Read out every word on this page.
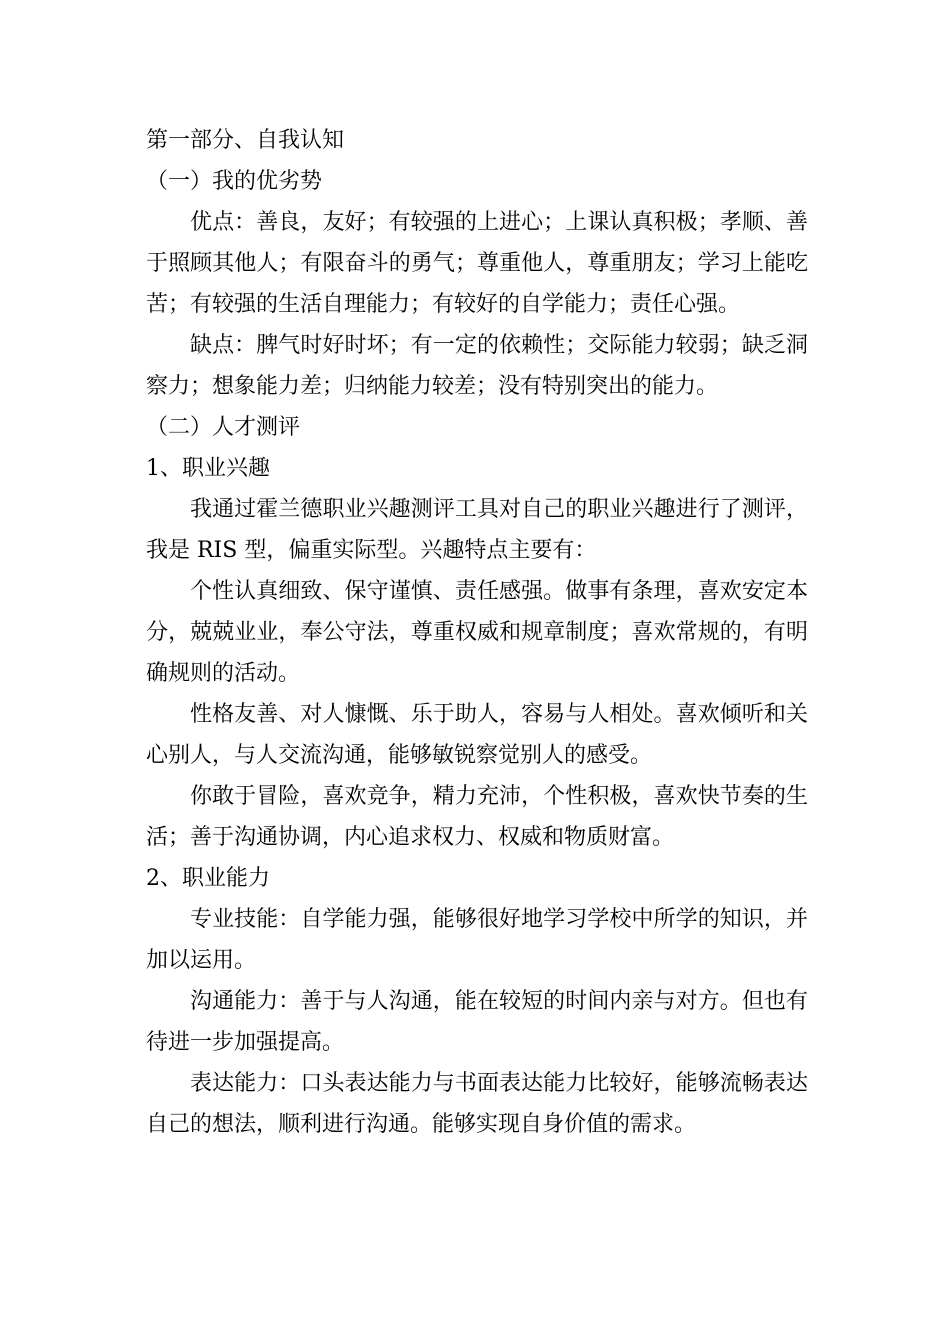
第一部分、自我认知

（一）我的优劣势

优点：善良，友好；有较强的上进心；上课认真积极；孝顺、善于照顾其他人；有限奋斗的勇气；尊重他人，尊重朋友；学习上能吃苦；有较强的生活自理能力；有较好的自学能力；责任心强。

缺点：脾气时好时坏；有一定的依赖性；交际能力较弱；缺乏洞察力；想象能力差；归纳能力较差；没有特别突出的能力。

（二）人才测评

1、职业兴趣

我通过霍兰德职业兴趣测评工具对自己的职业兴趣进行了测评，我是 RIS 型，偏重实际型。兴趣特点主要有：

个性认真细致、保守谨慎、责任感强。做事有条理，喜欢安定本分，兢兢业业，奉公守法，尊重权威和规章制度；喜欢常规的，有明确规则的活动。

性格友善、对人慷慨、乐于助人，容易与人相处。喜欢倾听和关心别人，与人交流沟通，能够敏锐察觉别人的感受。

你敢于冒险，喜欢竞争，精力充沛，个性积极，喜欢快节奏的生活；善于沟通协调，内心追求权力、权威和物质财富。

2、职业能力

专业技能：自学能力强，能够很好地学习学校中所学的知识，并加以运用。

沟通能力：善于与人沟通，能在较短的时间内亲与对方。但也有待进一步加强提高。

表达能力：口头表达能力与书面表达能力比较好，能够流畅表达自己的想法，顺利进行沟通。能够实现自身价值的需求。
